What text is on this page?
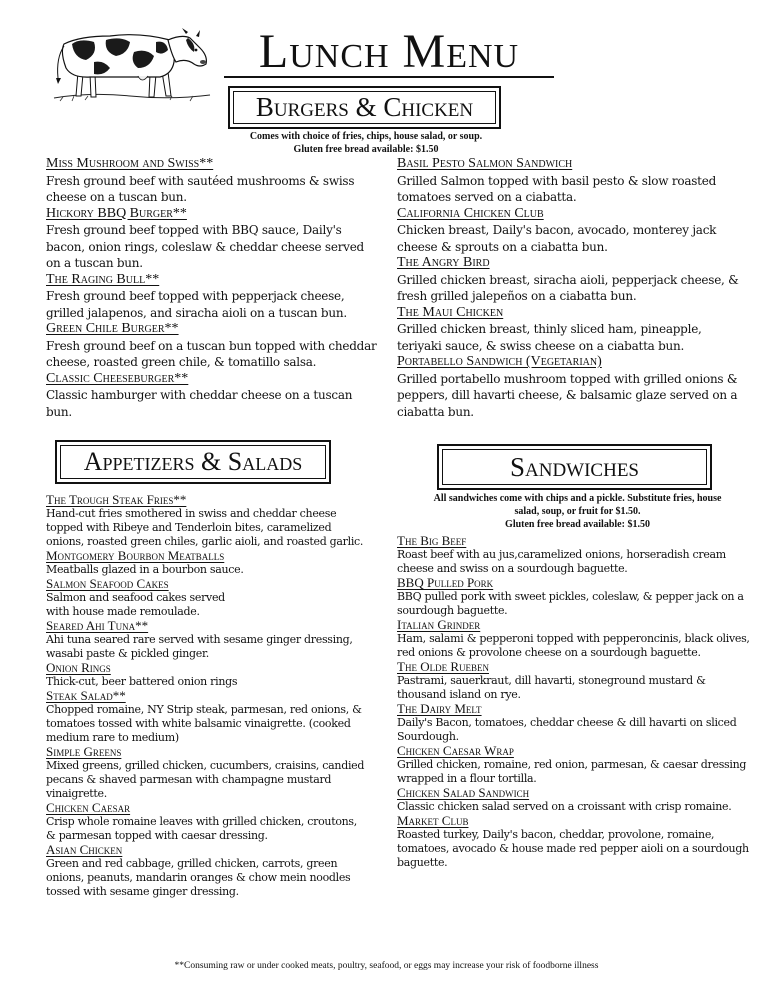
Lunch Menu
Burgers & Chicken
Comes with choice of fries, chips, house salad, or soup.
Gluten free bread available: $1.50
Miss Mushroom and Swiss**
Fresh ground beef with sautéed mushrooms & swiss cheese on a tuscan bun.
Hickory BBQ Burger**
Fresh ground beef topped with BBQ sauce, Daily's bacon, onion rings, coleslaw & cheddar cheese served on a tuscan bun.
The Raging Bull**
Fresh ground beef topped with pepperjack cheese, grilled jalapenos, and siracha aioli on a tuscan bun.
Green Chile Burger**
Fresh ground beef on a tuscan bun topped with cheddar cheese, roasted green chile, & tomatillo salsa.
Classic Cheeseburger**
Classic hamburger with cheddar cheese on a tuscan bun.
Basil Pesto Salmon Sandwich
Grilled Salmon topped with basil pesto & slow roasted tomatoes served on a ciabatta.
California Chicken Club
Chicken breast, Daily's bacon, avocado, monterey jack cheese & sprouts on a ciabatta bun.
The Angry Bird
Grilled chicken breast, siracha aioli, pepperjack cheese, & fresh grilled jalepeños on a ciabatta bun.
The Maui Chicken
Grilled chicken breast, thinly sliced ham, pineapple, teriyaki sauce, & swiss cheese on a ciabatta bun.
Portabello Sandwich (Vegetarian)
Grilled portabello mushroom topped with grilled onions & peppers, dill havarti cheese, & balsamic glaze served on a ciabatta bun.
Appetizers & Salads
The Trough Steak Fries**
Hand-cut fries smothered in swiss and cheddar cheese topped with Ribeye and Tenderloin bites, caramelized onions, roasted green chiles, garlic aioli, and roasted garlic.
Montgomery Bourbon Meatballs
Meatballs glazed in a bourbon sauce.
Salmon Seafood Cakes
Salmon and seafood cakes served with house made remoulade.
Seared Ahi Tuna**
Ahi tuna seared rare served with sesame ginger dressing, wasabi paste & pickled ginger.
Onion Rings
Thick-cut, beer battered onion rings
Steak Salad**
Chopped romaine, NY Strip steak, parmesan, red onions, & tomatoes tossed with white balsamic vinaigrette. (cooked medium rare to medium)
Simple Greens
Mixed greens, grilled chicken, cucumbers, craisins, candied pecans & shaved parmesan with champagne mustard vinaigrette.
Chicken Caesar
Crisp whole romaine leaves with grilled chicken, croutons, & parmesan topped with caesar dressing.
Asian Chicken
Green and red cabbage, grilled chicken, carrots, green onions, peanuts, mandarin oranges & chow mein noodles tossed with sesame ginger dressing.
Sandwiches
All sandwiches come with chips and a pickle. Substitute fries, house
salad, soup, or fruit for $1.50.
Gluten free bread available: $1.50
The Big Beef
Roast beef with au jus,caramelized onions, horseradish cream cheese and swiss on a sourdough baguette.
BBQ Pulled Pork
BBQ pulled pork with sweet pickles, coleslaw, & pepper jack on a sourdough baguette.
Italian Grinder
Ham, salami & pepperoni topped with pepperoncinis, black olives, red onions & provolone cheese on a sourdough baguette.
The Olde Rueben
Pastrami, sauerkraut, dill havarti, stoneground mustard & thousand island on rye.
The Dairy Melt
Daily's Bacon, tomatoes, cheddar cheese & dill havarti on sliced Sourdough.
Chicken Caesar Wrap
Grilled chicken, romaine, red onion, parmesan, & caesar dressing wrapped in a flour tortilla.
Chicken Salad Sandwich
Classic chicken salad served on a croissant with crisp romaine.
Market Club
Roasted turkey, Daily's bacon, cheddar, provolone, romaine, tomatoes, avocado & house made red pepper aioli on a sourdough baguette.
**Consuming raw or under cooked meats, poultry, seafood, or eggs may increase your risk of foodborne illness
